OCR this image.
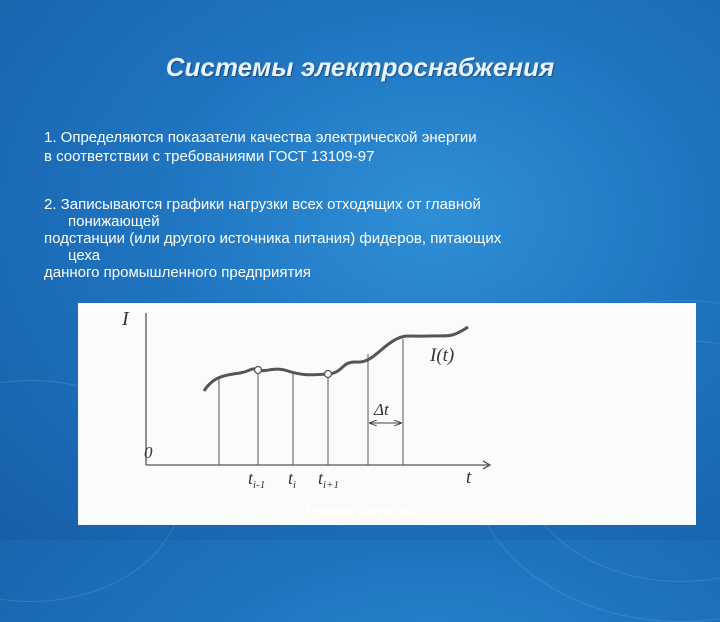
Системы электроснабжения
1. Определяются показатели качества электрической энергии
в соответствии с требованиями ГОСТ 13109-97
2. Записываются графики нагрузки всех отходящих от главной
понижающей
подстанции (или другого источника питания) фидеров, питающих
цеха
данного промышленного предприятия
I
0
t
Δt
I(t)
$t_{i-1}$ $t_i$ $t_{i+1}$
График нагрузки
